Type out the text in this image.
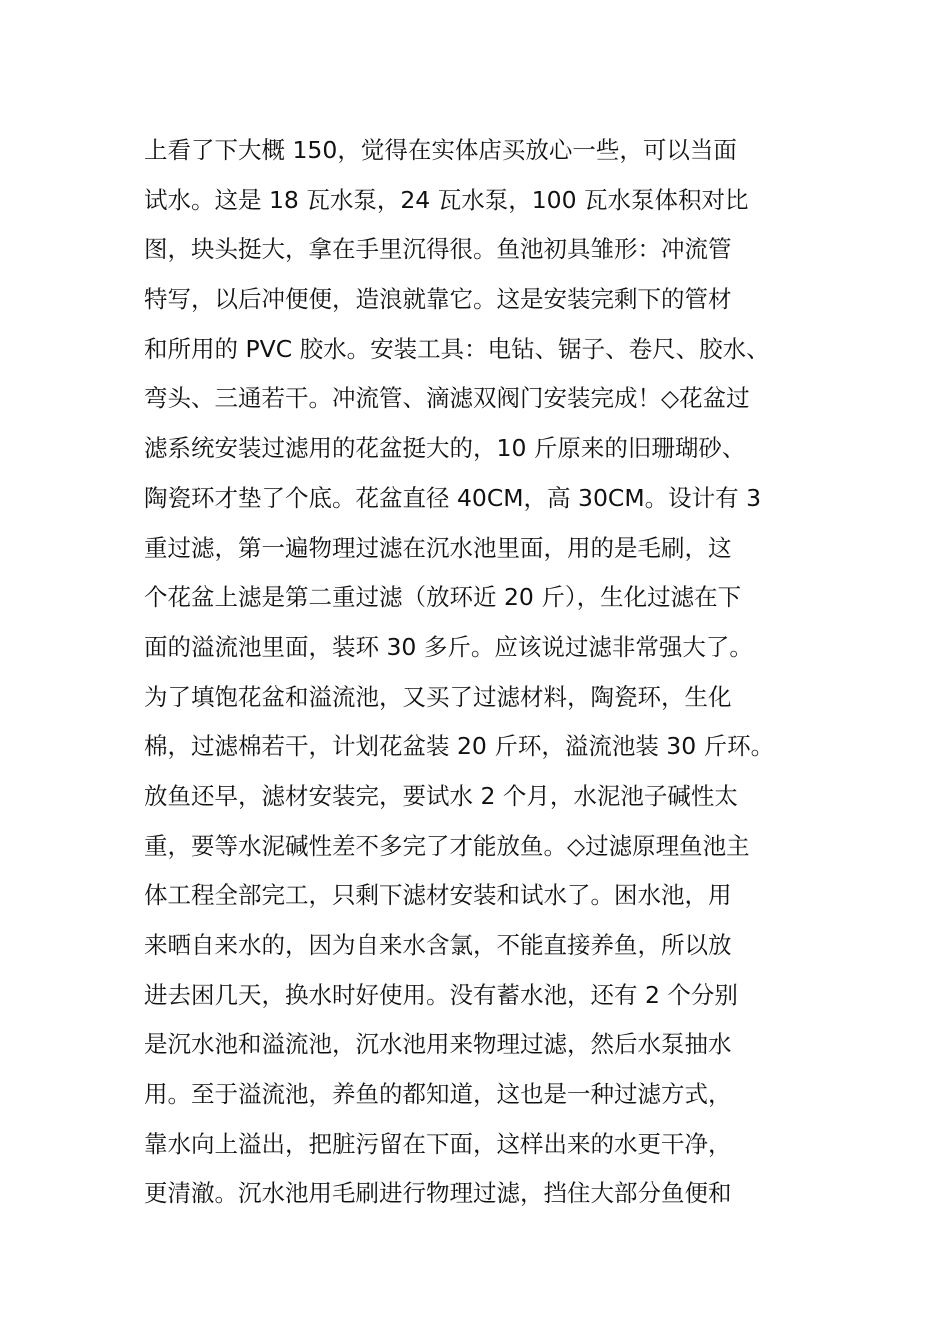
上看了下大概 150，觉得在实体店买放心一些，可以当面
试水。这是 18 瓦水泵，24 瓦水泵，100 瓦水泵体积对比
图，块头挺大，拿在手里沉得很。鱼池初具雏形：冲流管
特写，以后冲便便，造浪就靠它。这是安装完剩下的管材
和所用的 PVC 胶水。安装工具：电钻、锯子、卷尺、胶水、
弯头、三通若干。冲流管、滴滤双阀门安装完成！◇花盆过
滤系统安装过滤用的花盆挺大的，10 斤原来的旧珊瑚砂、
陶瓷环才垫了个底。花盆直径 40CM，高 30CM。设计有 3
重过滤，第一遍物理过滤在沉水池里面，用的是毛刷，这
个花盆上滤是第二重过滤（放环近 20 斤），生化过滤在下
面的溢流池里面，装环 30 多斤。应该说过滤非常强大了。
为了填饱花盆和溢流池，又买了过滤材料，陶瓷环，生化
棉，过滤棉若干，计划花盆装 20 斤环，溢流池装 30 斤环。
放鱼还早，滤材安装完，要试水 2 个月，水泥池子碱性太
重，要等水泥碱性差不多完了才能放鱼。◇过滤原理鱼池主
体工程全部完工，只剩下滤材安装和试水了。困水池，用
来晒自来水的，因为自来水含氯，不能直接养鱼，所以放
进去困几天，换水时好使用。没有蓄水池，还有 2 个分别
是沉水池和溢流池，沉水池用来物理过滤，然后水泵抽水
用。至于溢流池，养鱼的都知道，这也是一种过滤方式，
靠水向上溢出，把脏污留在下面，这样出来的水更干净，
更清澈。沉水池用毛刷进行物理过滤，挡住大部分鱼便和
